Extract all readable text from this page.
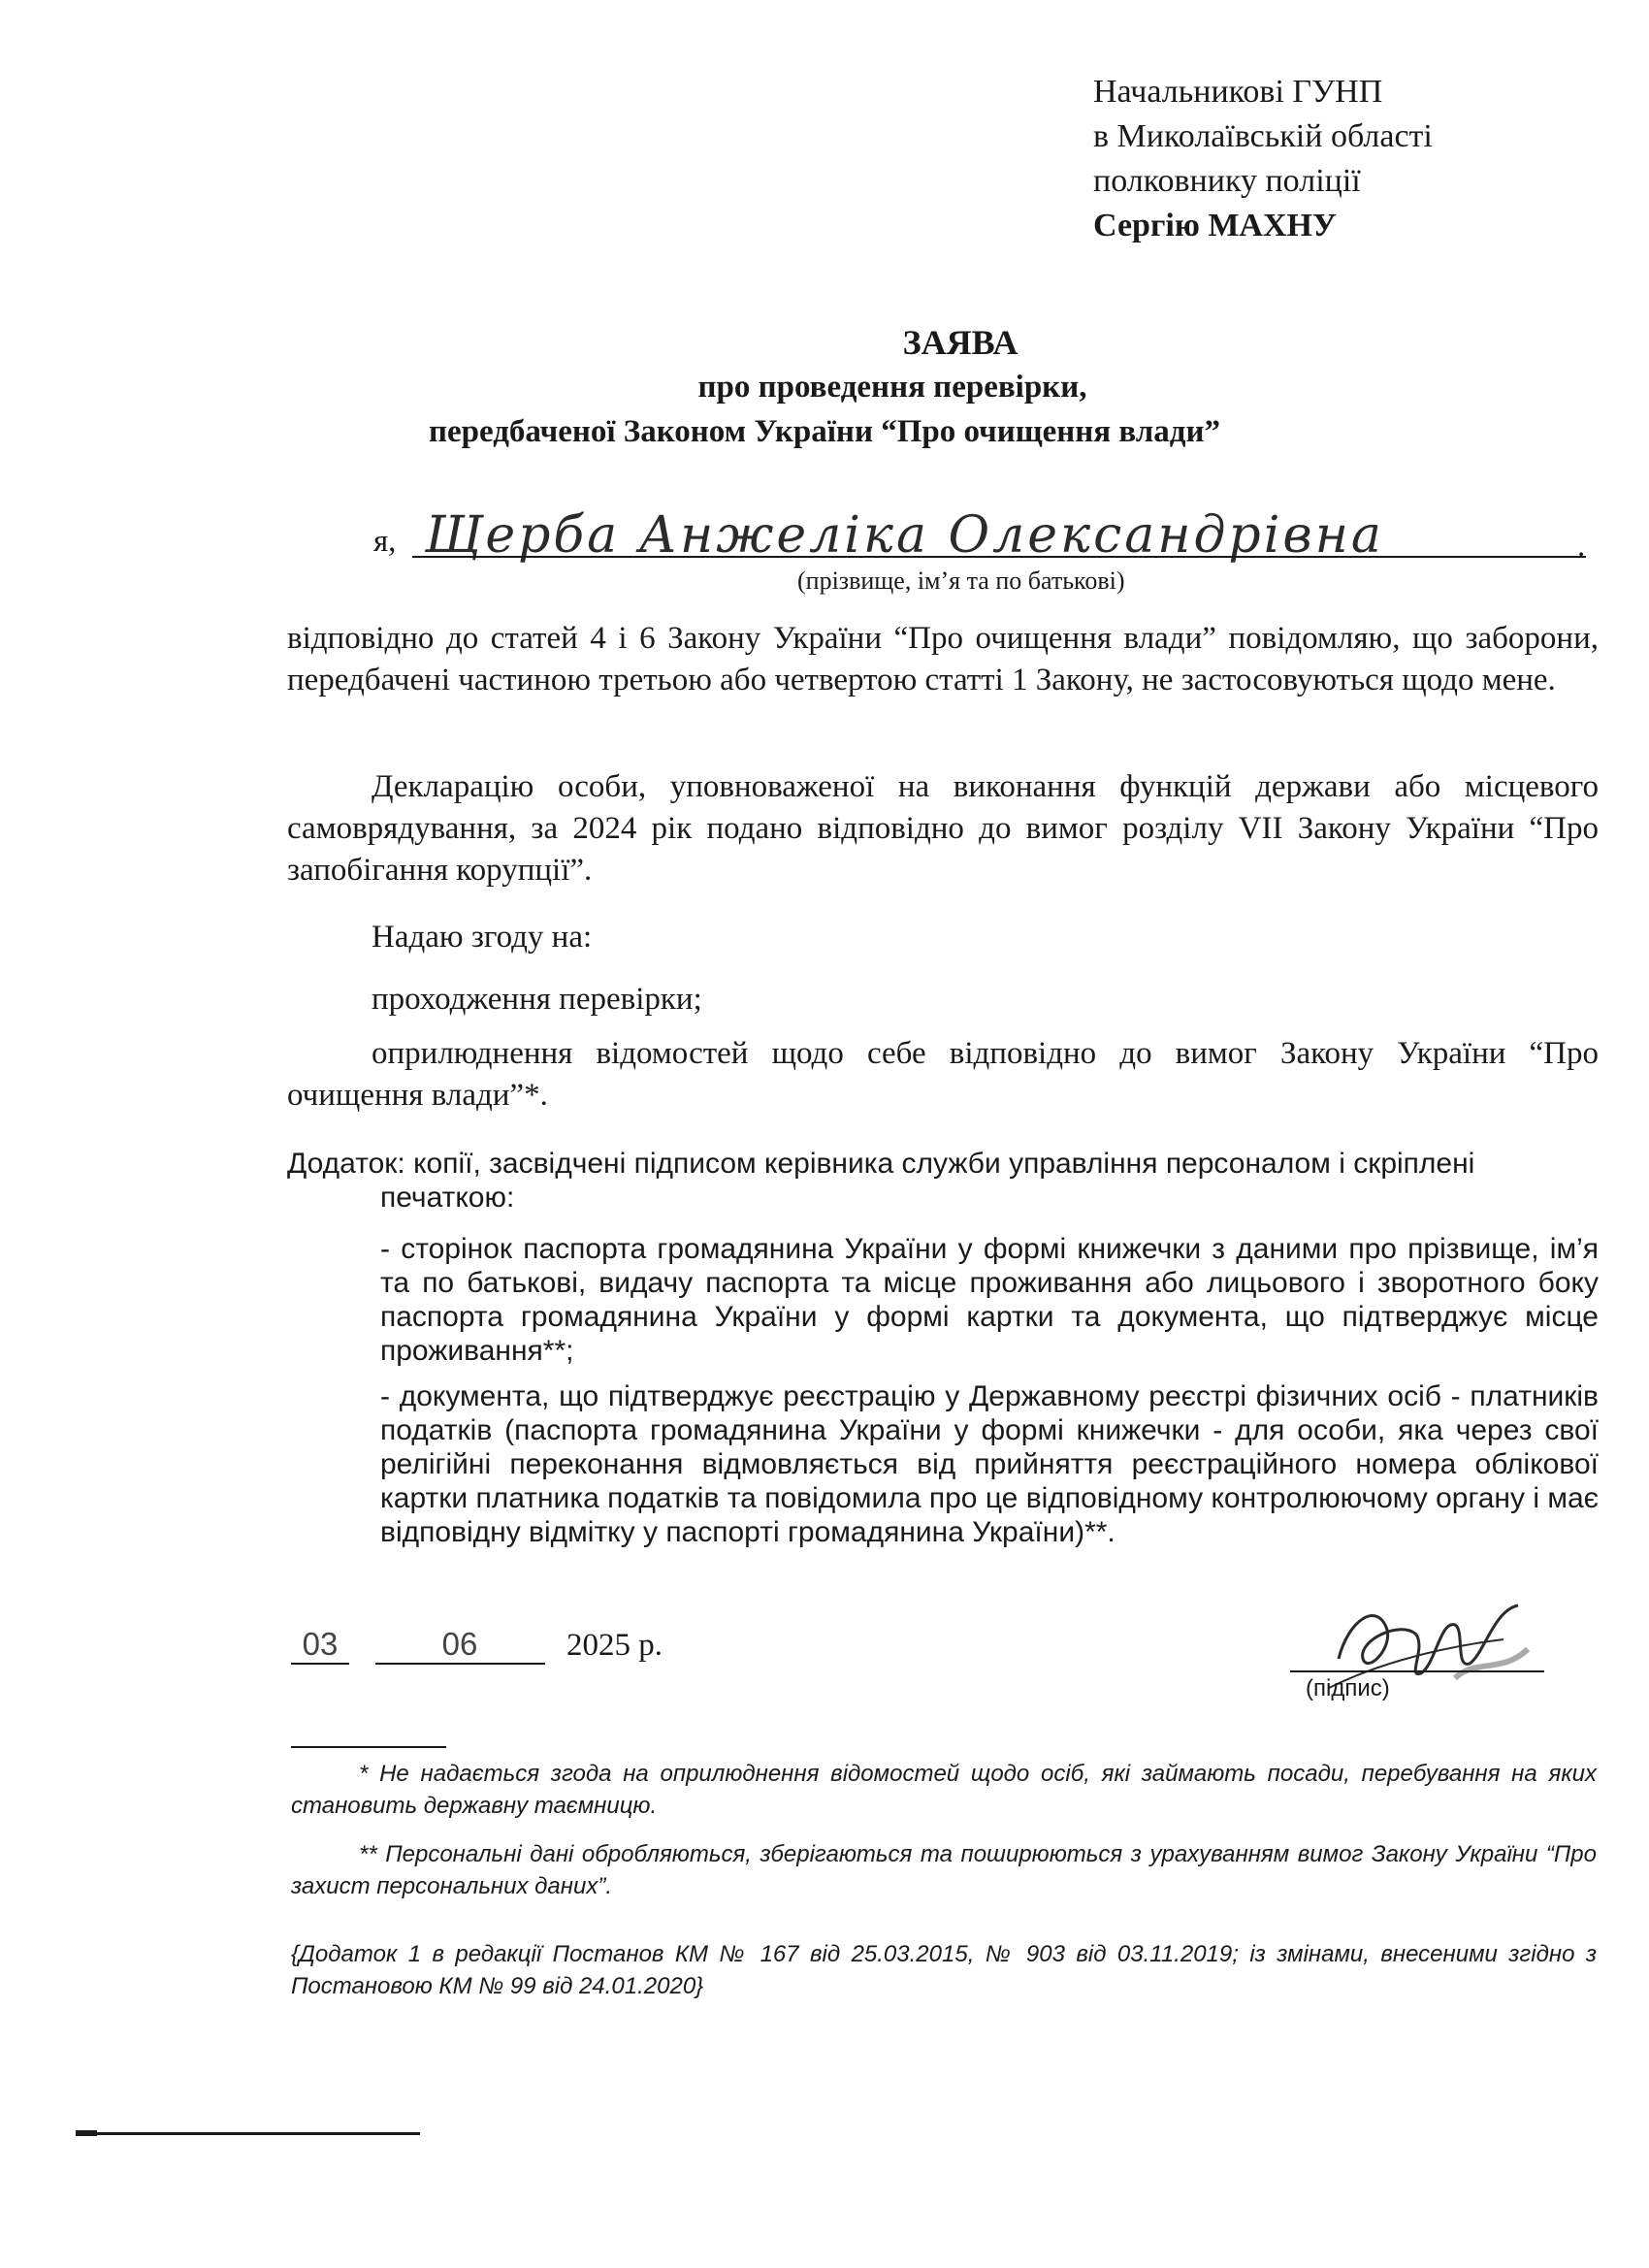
Начальникові ГУНП
в Миколаївській області
полковнику поліції
Сергію МАХНУ
ЗАЯВА
про проведення перевірки,
передбаченої Законом України “Про очищення влади”
я, Щерба Анжеліка Олександрівна	.
(прізвище, ім’я та по батькові)
відповідно до статей 4 і 6 Закону України “Про очищення влади” повідомляю, що заборони, передбачені частиною третьою або четвертою статті 1 Закону, не застосовуються щодо мене.
Декларацію особи, уповноваженої на виконання функцій держави або місцевого самоврядування, за 2024 рік подано відповідно до вимог розділу VII Закону України “Про запобігання корупції”.
Надаю згоду на:
проходження перевірки;
оприлюднення відомостей щодо себе відповідно до вимог Закону України “Про очищення влади”*.
Додаток: копії, засвідчені підписом керівника служби управління персоналом і скріплені
печаткою:
- сторінок паспорта громадянина України у формі книжечки з даними про прізвище, ім’я та по батькові, видачу паспорта та місце проживання або лицьового і зворотного боку паспорта громадянина України у формі картки та документа, що підтверджує місце проживання**;
- документа, що підтверджує реєстрацію у Державному реєстрі фізичних осіб - платників податків (паспорта громадянина України у формі книжечки - для особи, яка через свої релігійні переконання відмовляється від прийняття реєстраційного номера облікової картки платника податків та повідомила про це відповідному контролюючому органу і має відповідну відмітку у паспорті громадянина України)**.
03	06	2025 р.
(підпис)
* Не надається згода на оприлюднення відомостей щодо осіб, які займають посади, перебування на яких становить державну таємницю.
** Персональні дані обробляються, зберігаються та поширюються з урахуванням вимог Закону України “Про захист персональних даних”.
{Додаток 1 в редакції Постанов КМ № 167 від 25.03.2015, № 903 від 03.11.2019; із змінами, внесеними згідно з Постановою КМ № 99 від 24.01.2020}
